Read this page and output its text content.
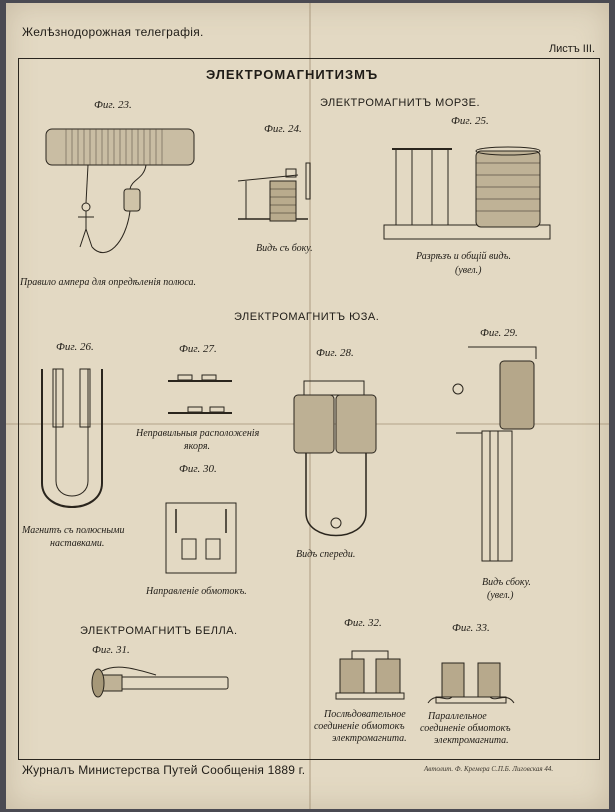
Желѣзнодорожная телеграфія.
Листъ III.
ЭЛЕКТРОМАГНИТИЗМЪ
ЭЛЕКТРОМАГНИТЪ МОРЗЕ.
ЭЛЕКТРОМАГНИТЪ ЮЗА.
ЭЛЕКТРОМАГНИТЪ БЕЛЛА.
Фиг. 23.
Фиг. 24.
Фиг. 25.
Фиг. 26.	Фиг. 27.	Фиг. 28.
Фиг. 29.
Фиг. 30.
Фиг. 31.
Фиг. 32.	Фиг. 33.
Правило ампера для опредѣленія полюса.
Видъ съ боку.
Разрѣзъ и общій видъ.
(увел.)
Магнитъ съ полюсными
наставками.
Неправильныя расположенія
якоря.
Видъ спереди.
Видъ сбоку.
(увел.)
Направленіе обмотокъ.
Послѣдовательное
соединеніе обмотокъ
электромагнита.
Параллельное
соединеніе обмотокъ
электромагнита.
Журналъ Министерства Путей Сообщенія 1889 г.	Автолит. Ф. Кремера С.П.Б. Лиговская 44.
